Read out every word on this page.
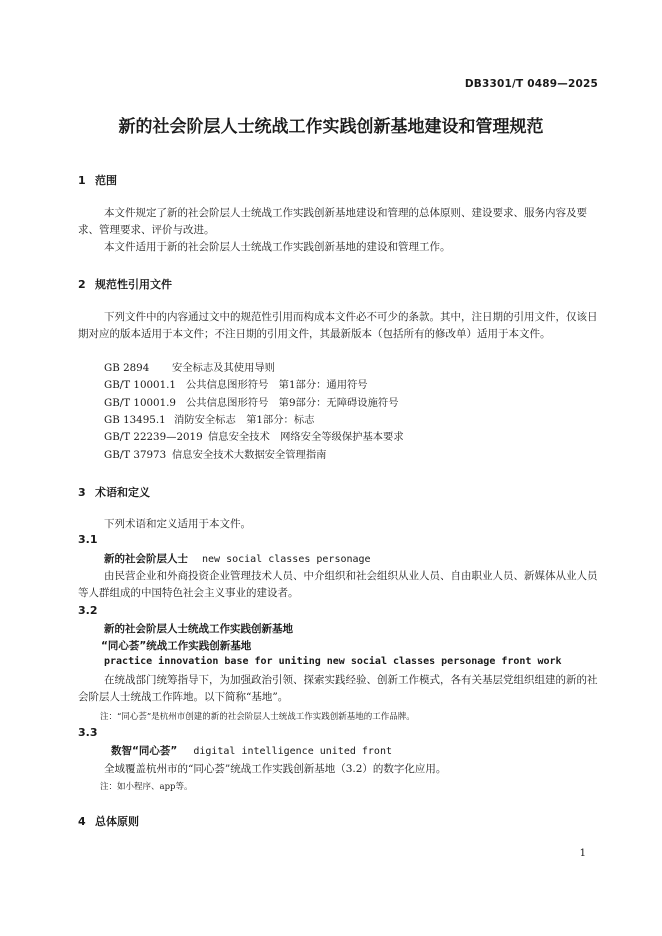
DB3301/T 0489—2025
新的社会阶层人士统战工作实践创新基地建设和管理规范
1 范围
本文件规定了新的社会阶层人士统战工作实践创新基地建设和管理的总体原则、建设要求、服务内容及要求、管理要求、评价与改进。
本文件适用于新的社会阶层人士统战工作实践创新基地的建设和管理工作。
2 规范性引用文件
下列文件中的内容通过文中的规范性引用而构成本文件必不可少的条款。其中，注日期的引用文件，仅该日期对应的版本适用于本文件；不注日期的引用文件，其最新版本（包括所有的修改单）适用于本文件。
GB 2894 安全标志及其使用导则
GB/T 10001.1 公共信息图形符号　第1部分：通用符号
GB/T 10001.9 公共信息图形符号　第9部分：无障碍设施符号
GB 13495.1 消防安全标志　第1部分：标志
GB/T 22239—2019 信息安全技术　网络安全等级保护基本要求
GB/T 37973 信息安全技术大数据安全管理指南
3 术语和定义
下列术语和定义适用于本文件。
3.1
新的社会阶层人士 new social classes personage
由民营企业和外商投资企业管理技术人员、中介组织和社会组织从业人员、自由职业人员、新媒体从业人员等人群组成的中国特色社会主义事业的建设者。
3.2
新的社会阶层人士统战工作实践创新基地
“同心荟”统战工作实践创新基地
practice innovation base for uniting new social classes personage front work
在统战部门统筹指导下，为加强政治引领、探索实践经验、创新工作模式，各有关基层党组织组建的新的社会阶层人士统战工作阵地。以下简称“基地”。
注：“同心荟”是杭州市创建的新的社会阶层人士统战工作实践创新基地的工作品牌。
3.3
数智“同心荟” digital intelligence united front
全域覆盖杭州市的“同心荟”统战工作实践创新基地（3.2）的数字化应用。
注：如小程序、app等。
4 总体原则
1
